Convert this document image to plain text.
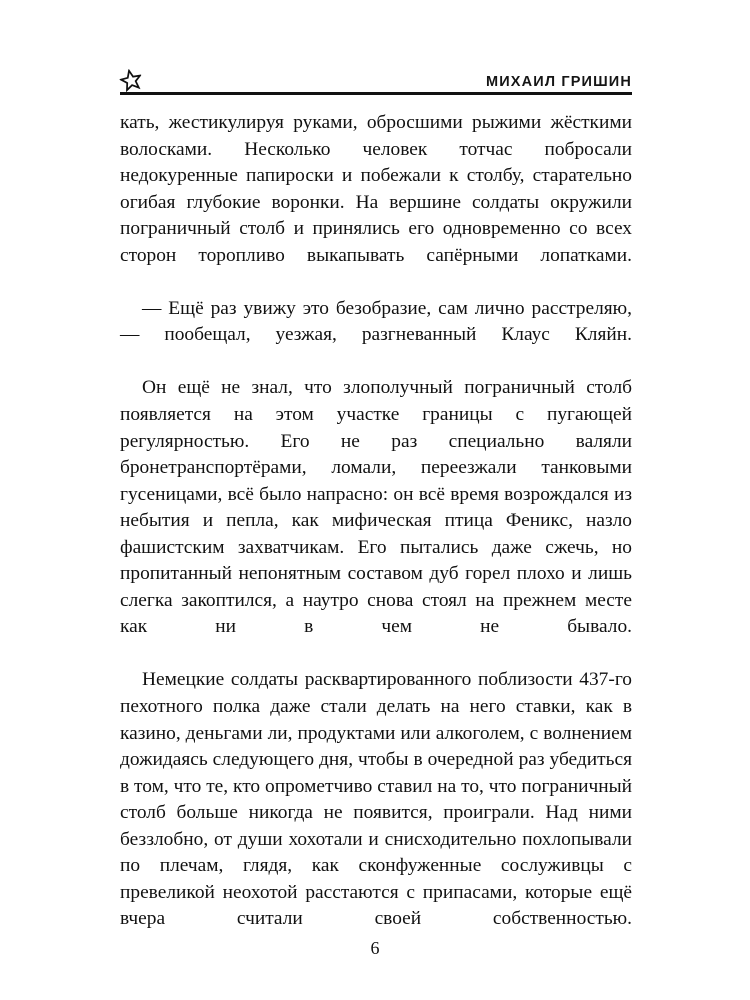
МИХАИЛ ГРИШИН

кать, жестикулируя руками, обросшими рыжими жёсткими волосками. Несколько человек тотчас побросали недокуренные папироски и побежали к столбу, старательно огибая глубокие воронки. На вершине солдаты окружили пограничный столб и принялись его одновременно со всех сторон торопливо выкапывать сапёрными лопатками.

— Ещё раз увижу это безобразие, сам лично расстреляю, — пообещал, уезжая, разгневанный Клаус Кляйн.

Он ещё не знал, что злополучный пограничный столб появляется на этом участке границы с пугающей регулярностью. Его не раз специально валяли бронетранспортёрами, ломали, переезжали танковыми гусеницами, всё было напрасно: он всё время возрождался из небытия и пепла, как мифическая птица Феникс, назло фашистским захватчикам. Его пытались даже сжечь, но пропитанный непонятным составом дуб горел плохо и лишь слегка закоптился, а наутро снова стоял на прежнем месте как ни в чем не бывало.

Немецкие солдаты расквартированного поблизости 437-го пехотного полка даже стали делать на него ставки, как в казино, деньгами ли, продуктами или алкоголем, с волнением дожидаясь следующего дня, чтобы в очередной раз убедиться в том, что те, кто опрометчиво ставил на то, что пограничный столб больше никогда не появится, проиграли. Над ними беззлобно, от души хохотали и снисходительно похлопывали по плечам, глядя, как сконфуженные сослуживцы с превеликой неохотой расстаются с припасами, которые ещё вчера считали своей собственностью.

6
